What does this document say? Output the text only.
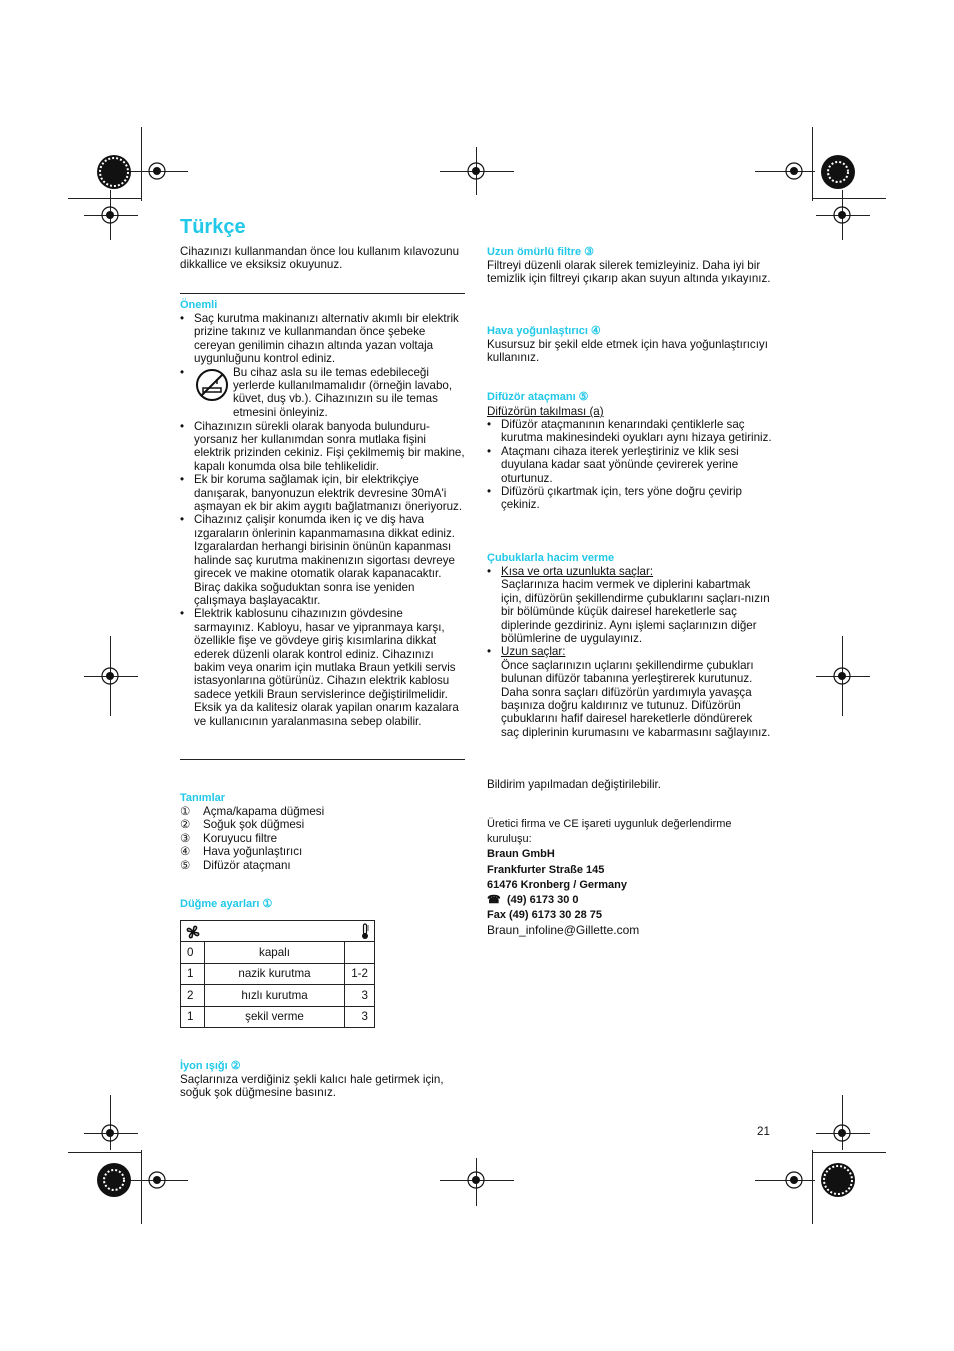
Türkçe
Cihazınızı kullanmandan önce lou kullanım kılavozunu dikkallice ve eksiksiz okuyunuz.
Önemli
• Saç kurutma makinanızı alternativ akımlı bir elektrik prizine takınız ve kullanmandan önce şebeke cereyan genilimin cihazın altında yazan voltaja uygunluğunu kontrol ediniz.
• Bu cihaz asla su ile temas edebileceği yerlerde kullanılmamalıdır (örneğin lavabo, küvet, duş vb.). Cihazınızın su ile temas etmesini önleyiniz.
• Cihazınızın sürekli olarak banyoda bulunduru-yorsanız her kullanımdan sonra mutlaka fişini elektrik prizinden cekiniz. Fişi çekilmemiş bir makine, kapalı konumda olsa bile tehlikelidir.
• Ek bir koruma sağlamak için, bir elektrikçiye danışarak, banyonuzun elektrik devresine 30mA'i aşmayan ek bir akim aygıtı bağlatmanızı öneriyoruz.
• Cihazınız çalişir konumda iken iç ve diş hava ızgaraların önlerinin kapanmamasına dikkat ediniz. Izgaralardan herhangi birisinin önünün kapanması halinde saç kurutma makinenızın sigortası devreye girecek ve makine otomatik olarak kapanacaktır. Biraç dakika soğuduktan sonra ise yeniden çalışmaya başlayacaktır.
• Elektrik kablosunu cihazınızın gövdesine sarmayınız. Kabloyu, hasar ve yipranmaya karşı, özellikle fişe ve gövdeye giriş kısımlarina dikkat ederek düzenli olarak kontrol ediniz. Cihazınızı bakim veya onarim için mutlaka Braun yetkili servis istasyonlarına götürünüz. Cihazın elektrik kablosu sadece yetkili Braun servislerince değiştirilmelidir. Eksik ya da kalitesiz olarak yapilan onarım kazalara ve kullanıcının yaralanmasına sebep olabilir.
Tanımlar
① Açma/kapama düğmesi
② Soğuk şok düğmesi
③ Koruyucu filtre
④ Hava yoğunlaştırıcı
⑤ Difüzör ataçmanı
Düğme ayarları ①

0	kapalı	
1	nazik kurutma	1-2
2	hızlı kurutma	3
1	şekil verme	3
İyon ışığı ②
Saçlarınıza verdiğiniz şekli kalıcı hale getirmek için, soğuk şok düğmesine basınız.
Uzun ömürlü filtre ③
Filtreyi düzenli olarak silerek temizleyiniz. Daha iyi bir temizlik için filtreyi çıkarıp akan suyun altında yıkayınız.
Hava yoğunlaştırıcı ④
Kusursuz bir şekil elde etmek için hava yoğunlaştırıcıyı kullanınız.
Difüzör ataçmanı ⑤
Difüzörün takılması (a)
• Difüzör ataçmanının kenarındaki çentiklerle saç kurutma makinesindeki oyukları aynı hizaya getiriniz.
• Ataçmanı cihaza iterek yerleştiriniz ve klik sesi duyulana kadar saat yönünde çevirerek yerine oturtunuz.
• Difüzörü çıkartmak için, ters yöne doğru çevirip çekiniz.
Çubuklarla hacim verme
• Kısa ve orta uzunlukta saçlar:
Saçlarınıza hacim vermek ve diplerini kabartmak için, difüzörün şekillendirme çubuklarını saçları-nızın bir bölümünde küçük dairesel hareketlerle saç diplerinde gezdiriniz. Aynı işlemi saçlarınızın diğer bölümlerine de uygulayınız.
• Uzun saçlar:
Önce saçlarınızın uçlarını şekillendirme çubukları bulunan difüzör tabanına yerleştirerek kurutunuz. Daha sonra saçları difüzörün yardımıyla yavaşça başınıza doğru kaldırınız ve tutunuz. Difüzörün çubuklarını hafif dairesel hareketlerle döndürerek saç diplerinin kurumasını ve kabarmasını sağlayınız.
Bildirim yapılmadan değiştirilebilir.
Üretici firma ve CE işareti uygunluk değerlendirme kuruluşu:
Braun GmbH
Frankfurter Straße 145
61476 Kronberg / Germany
☎ (49) 6173 30 0
Fax (49) 6173 30 28 75
Braun_infoline@Gillette.com
21
